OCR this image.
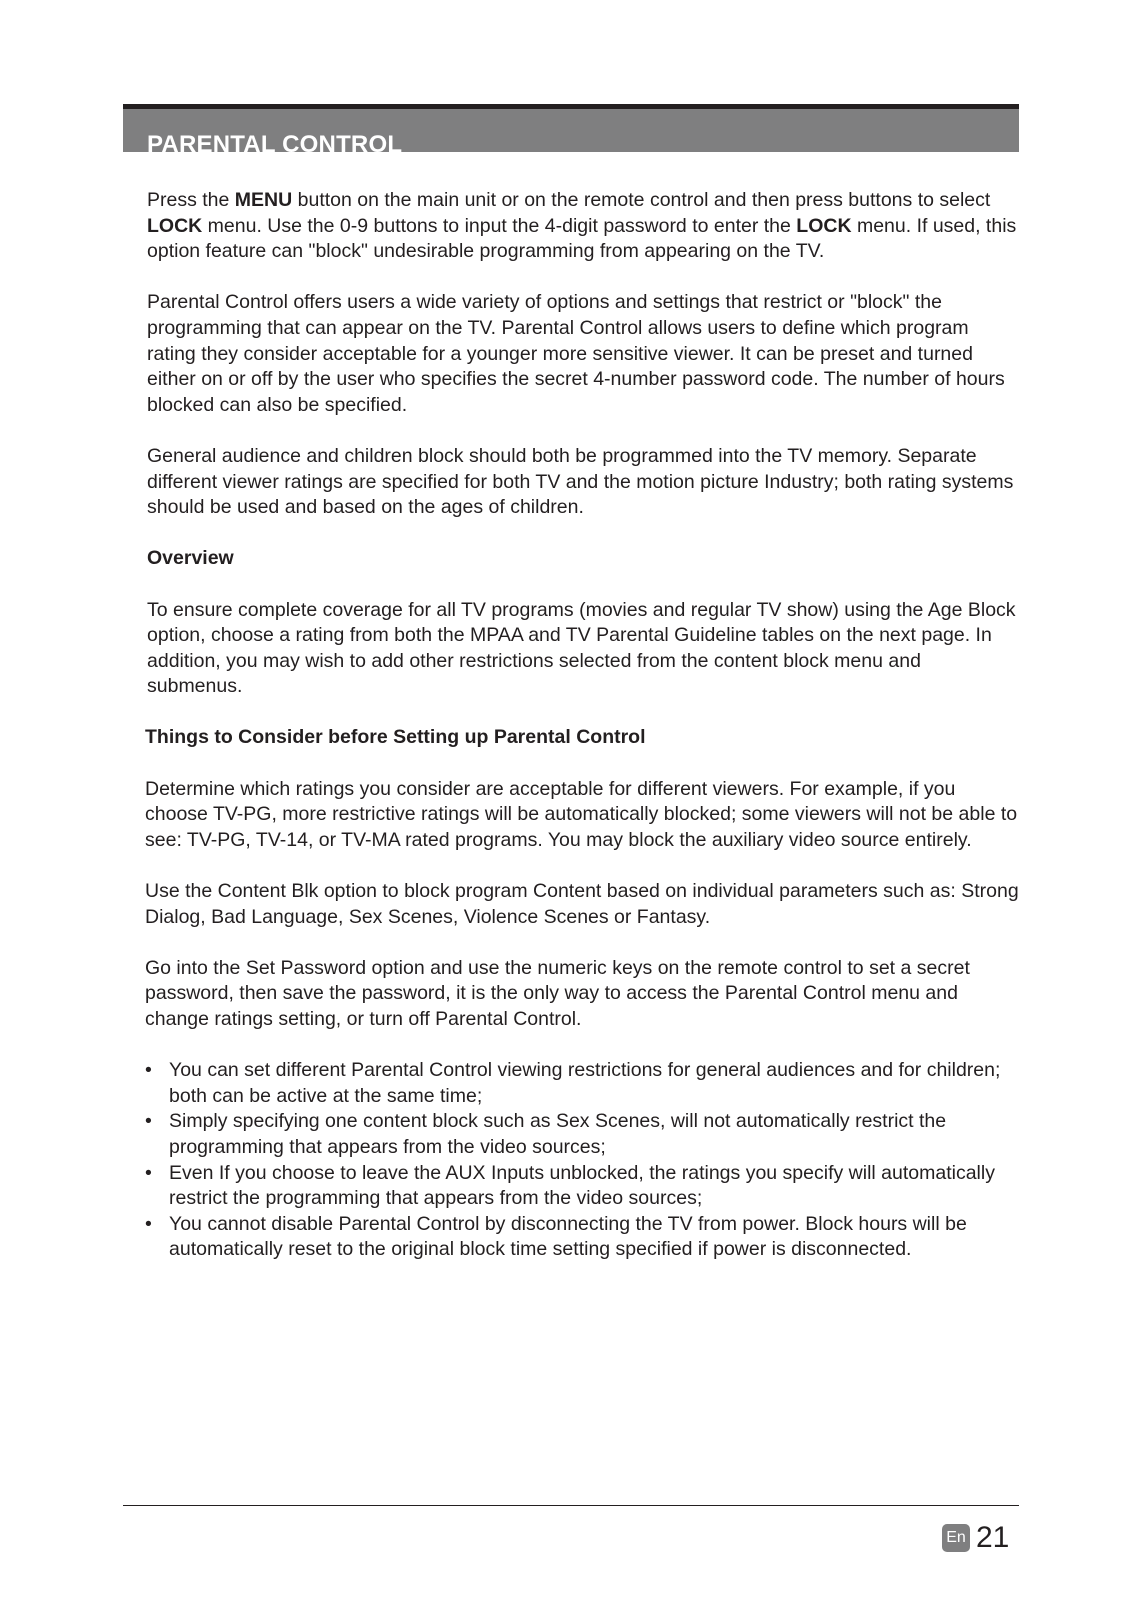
PARENTAL CONTROL

Press the MENU button on the main unit or on the remote control and then press buttons to select LOCK menu. Use the 0-9 buttons to input the 4-digit password to enter the LOCK menu. If used, this option feature can "block" undesirable programming from appearing on the TV.

Parental Control offers users a wide variety of options and settings that restrict or "block" the programming that can appear on the TV. Parental Control allows users to define which program rating they consider acceptable for a younger more sensitive viewer. It can be preset and turned either on or off by the user who specifies the secret 4-number password code. The number of hours blocked can also be specified.

General audience and children block should both be programmed into the TV memory. Separate different viewer ratings are specified for both TV and the motion picture Industry; both rating systems should be used and based on the ages of children.

Overview

To ensure complete coverage for all TV programs (movies and regular TV show) using the Age Block option, choose a rating from both the MPAA and TV Parental Guideline tables on the next page. In addition, you may wish to add other restrictions selected from the content block menu and submenus.

Things to Consider before Setting up Parental Control

Determine which ratings you consider are acceptable for different viewers. For example, if you choose TV-PG, more restrictive ratings will be automatically blocked; some viewers will not be able to see: TV-PG, TV-14, or TV-MA rated programs. You may block the auxiliary video source entirely.

Use the Content Blk option to block program Content based on individual parameters such as: Strong Dialog, Bad Language, Sex Scenes, Violence Scenes or Fantasy.

Go into the Set Password option and use the numeric keys on the remote control to set a secret password, then save the password, it is the only way to access the Parental Control menu and change ratings setting, or turn off Parental Control.

• You can set different Parental Control viewing restrictions for general audiences and for children; both can be active at the same time;
• Simply specifying one content block such as Sex Scenes, will not automatically restrict the programming that appears from the video sources;
• Even If you choose to leave the AUX Inputs unblocked, the ratings you specify will automatically restrict the programming that appears from the video sources;
• You cannot disable Parental Control by disconnecting the TV from power. Block hours will be automatically reset to the original block time setting specified if power is disconnected.
En 21
